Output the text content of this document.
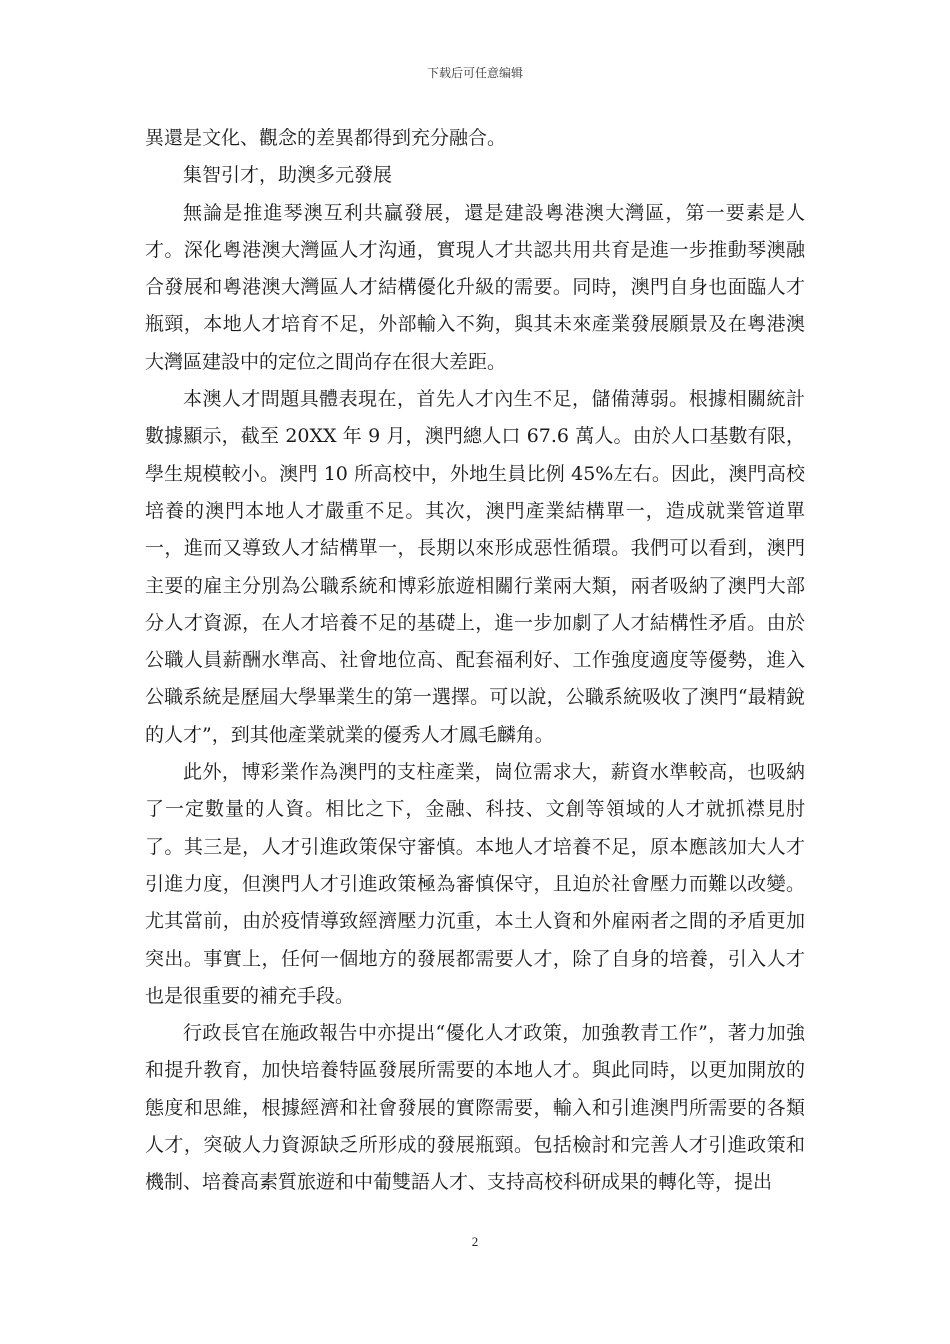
下载后可任意编辑

異還是文化、觀念的差異都得到充分融合。

集智引才，助澳多元發展

無論是推進琴澳互利共贏發展，還是建設粵港澳大灣區，第一要素是人才。深化粵港澳大灣區人才沟通，實現人才共認共用共育是進一步推動琴澳融合發展和粵港澳大灣區人才結構優化升級的需要。同時，澳門自身也面臨人才瓶頸，本地人才培育不足，外部輸入不夠，與其未來產業發展願景及在粵港澳大灣區建設中的定位之間尚存在很大差距。

本澳人才問題具體表現在，首先人才內生不足，儲備薄弱。根據相關統計數據顯示，截至 20XX 年 9 月，澳門總人口 67.6 萬人。由於人口基數有限，學生規模較小。澳門 10 所高校中，外地生員比例 45%左右。因此，澳門高校培養的澳門本地人才嚴重不足。其次，澳門產業結構單一，造成就業管道單一，進而又導致人才結構單一，長期以來形成惡性循環。我們可以看到，澳門主要的雇主分別為公職系統和博彩旅遊相關行業兩大類，兩者吸納了澳門大部分人才資源，在人才培養不足的基礎上，進一步加劇了人才結構性矛盾。由於公職人員薪酬水準高、社會地位高、配套福利好、工作強度適度等優勢，進入公職系統是歷屆大學畢業生的第一選擇。可以說，公職系統吸收了澳門“最精銳的人才”，到其他產業就業的優秀人才鳳毛麟角。

此外，博彩業作為澳門的支柱產業，崗位需求大，薪資水準較高，也吸納了一定數量的人資。相比之下，金融、科技、文創等領域的人才就抓襟見肘了。其三是，人才引進政策保守審慎。本地人才培養不足，原本應該加大人才引進力度，但澳門人才引進政策極為審慎保守，且迫於社會壓力而難以改變。尤其當前，由於疫情導致經濟壓力沉重，本土人資和外雇兩者之間的矛盾更加突出。事實上，任何一個地方的發展都需要人才，除了自身的培養，引入人才也是很重要的補充手段。

行政長官在施政報告中亦提出“優化人才政策，加強教青工作”，著力加強和提升教育，加快培養特區發展所需要的本地人才。與此同時，以更加開放的態度和思維，根據經濟和社會發展的實際需要，輸入和引進澳門所需要的各類人才，突破人力資源缺乏所形成的發展瓶頸。包括檢討和完善人才引進政策和機制、培養高素質旅遊和中葡雙語人才、支持高校科研成果的轉化等，提出

2
